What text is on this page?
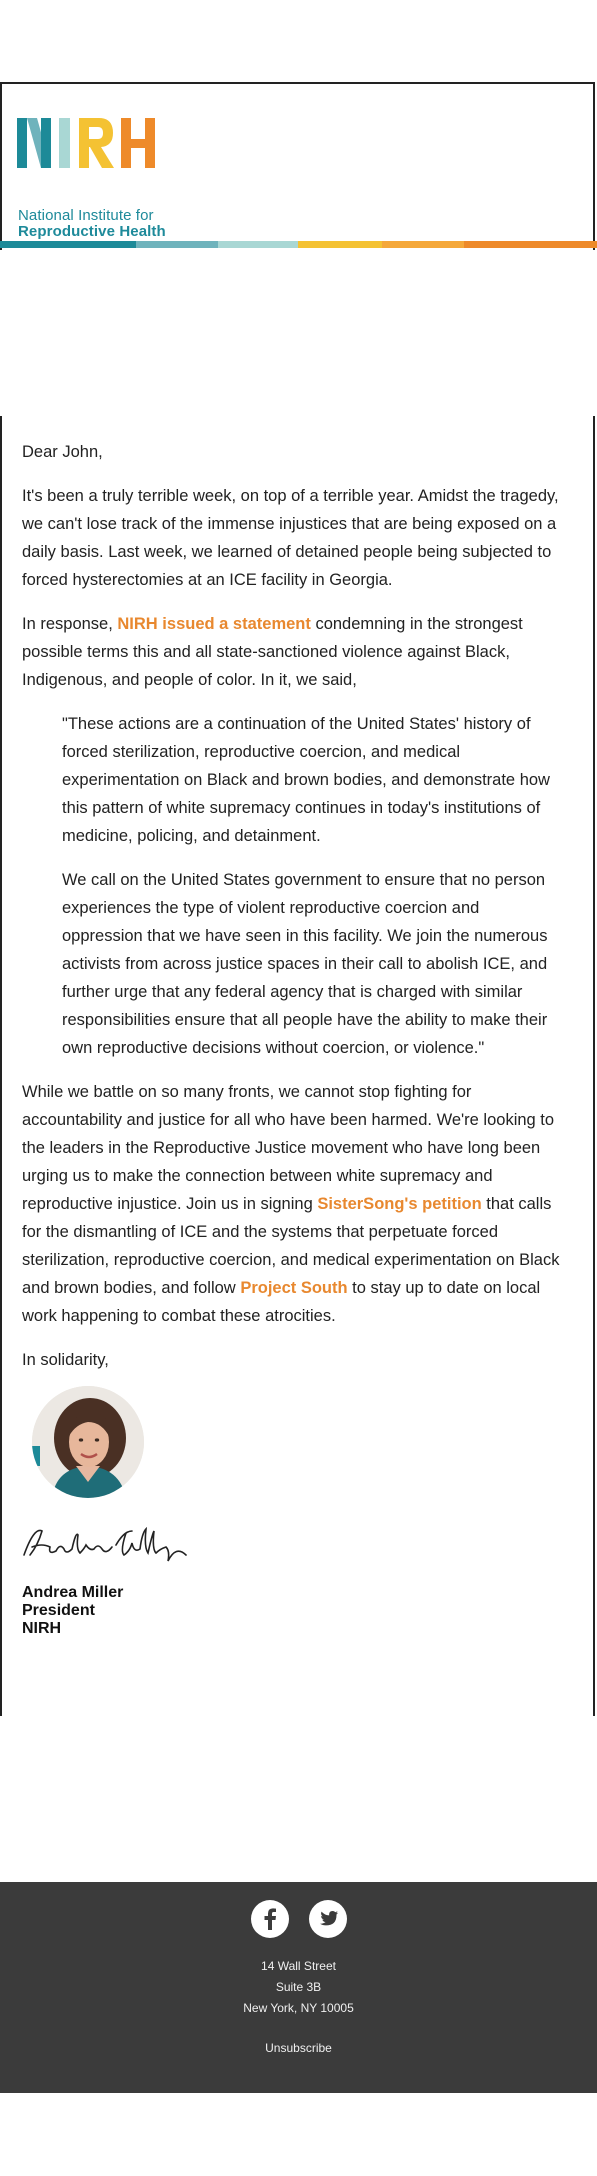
National Institute for
Reproductive Health

Dear John,

It's been a truly terrible week, on top of a terrible year. Amidst the tragedy, we can't lose track of the immense injustices that are being exposed on a daily basis. Last week, we learned of detained people being subjected to forced hysterectomies at an ICE facility in Georgia.

In response, NIRH issued a statement condemning in the strongest possible terms this and all state-sanctioned violence against Black, Indigenous, and people of color. In it, we said,

"These actions are a continuation of the United States' history of forced sterilization, reproductive coercion, and medical experimentation on Black and brown bodies, and demonstrate how this pattern of white supremacy continues in today's institutions of medicine, policing, and detainment.

We call on the United States government to ensure that no person experiences the type of violent reproductive coercion and oppression that we have seen in this facility. We join the numerous activists from across justice spaces in their call to abolish ICE, and further urge that any federal agency that is charged with similar responsibilities ensure that all people have the ability to make their own reproductive decisions without coercion, or violence."

While we battle on so many fronts, we cannot stop fighting for accountability and justice for all who have been harmed. We're looking to the leaders in the Reproductive Justice movement who have long been urging us to make the connection between white supremacy and reproductive injustice. Join us in signing SisterSong's petition that calls for the dismantling of ICE and the systems that perpetuate forced sterilization, reproductive coercion, and medical experimentation on Black and brown bodies, and follow Project South to stay up to date on local work happening to combat these atrocities.

In solidarity,

Andrea Miller
President
NIRH
14 Wall Street
Suite 3B
New York, NY 10005
Unsubscribe
